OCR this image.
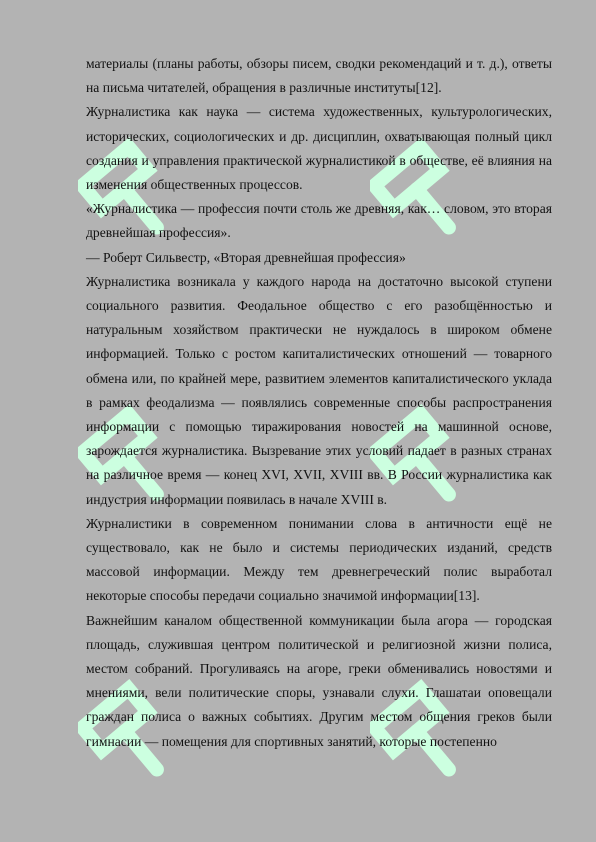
материалы (планы работы, обзоры писем, сводки рекомендаций и т. д.), ответы на письма читателей, обращения в различные институты[12].

Журналистика как наука — система художественных, культурологических, исторических, социологических и др. дисциплин, охватывающая полный цикл создания и управления практической журналистикой в обществе, её влияния на изменения общественных процессов.

«Журналистика — профессия почти столь же древняя, как… словом, это вторая древнейшая профессия».

— Роберт Сильвестр, «Вторая древнейшая профессия»

Журналистика возникала у каждого народа на достаточно высокой ступени социального развития. Феодальное общество с его разобщённостью и натуральным хозяйством практически не нуждалось в широком обмене информацией. Только с ростом капиталистических отношений — товарного обмена или, по крайней мере, развитием элементов капиталистического уклада в рамках феодализма — появлялись современные способы распространения информации с помощью тиражирования новостей на машинной основе, зарождается журналистика. Вызревание этих условий падает в разных странах на различное время — конец XVI, XVII, XVIII вв. В России журналистика как индустрия информации появилась в начале XVIII в.

Журналистики в современном понимании слова в античности ещё не существовало, как не было и системы периодических изданий, средств массовой информации. Между тем древнегреческий полис выработал некоторые способы передачи социально значимой информации[13].

Важнейшим каналом общественной коммуникации была агора — городская площадь, служившая центром политической и религиозной жизни полиса, местом собраний. Прогуливаясь на агоре, греки обменивались новостями и мнениями, вели политические споры, узнавали слухи. Глашатаи оповещали граждан полиса о важных событиях. Другим местом общения греков были гимнасии — помещения для спортивных занятий, которые постепенно
